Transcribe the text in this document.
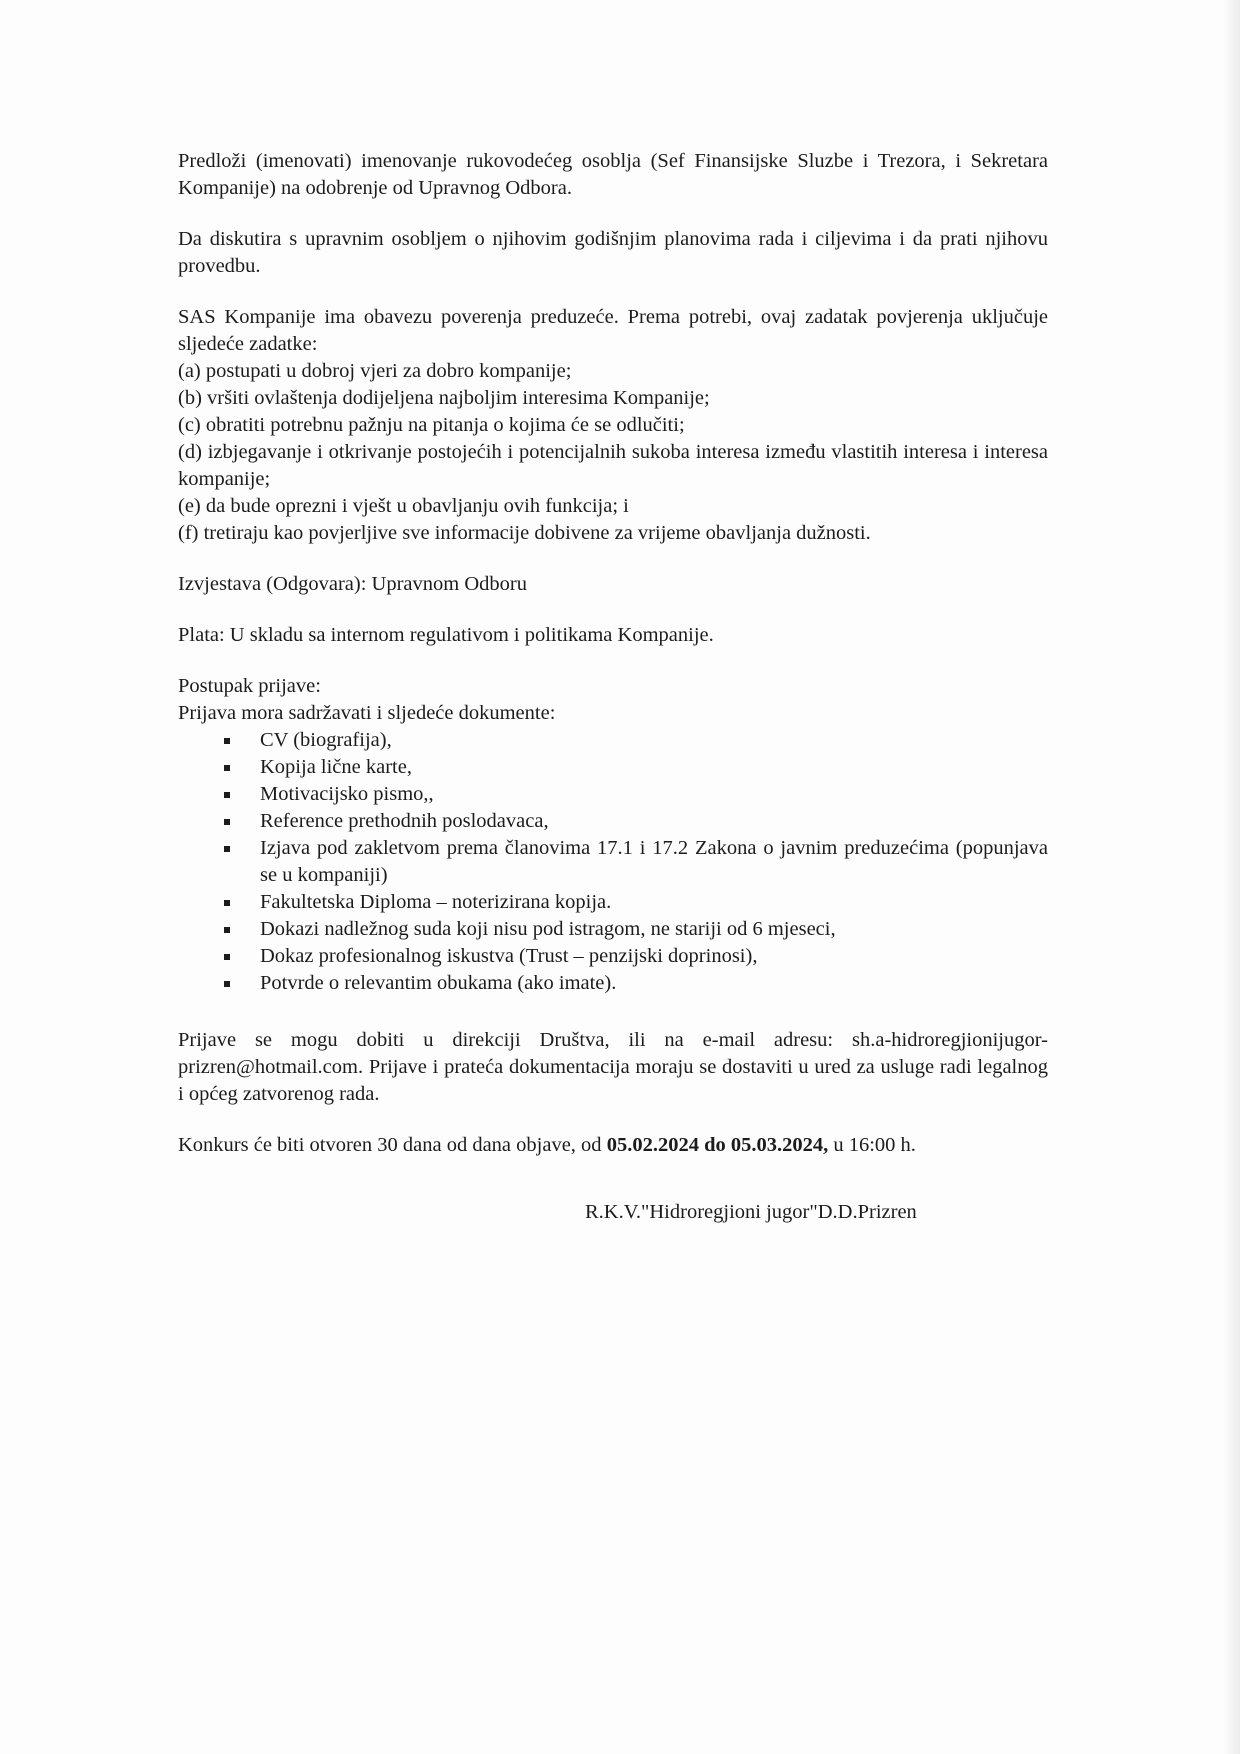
Predloži (imenovati) imenovanje rukovodećeg osoblja (Sef Finansijske Sluzbe i Trezora, i Sekretara Kompanije) na odobrenje od Upravnog Odbora.

Da diskutira s upravnim osobljem o njihovim godišnjim planovima rada i ciljevima i da prati njihovu provedbu.

SAS Kompanije ima obavezu poverenja preduzeće. Prema potrebi, ovaj zadatak povjerenja uključuje sljedeće zadatke:

(a) postupati u dobroj vjeri za dobro kompanije;
(b) vršiti ovlaštenja dodijeljena najboljim interesima Kompanije;
(c) obratiti potrebnu pažnju na pitanja o kojima će se odlučiti;
(d) izbjegavanje i otkrivanje postojećih i potencijalnih sukoba interesa između vlastitih interesa i interesa kompanije;
(e) da bude oprezni i vješt u obavljanju ovih funkcija; i
(f) tretiraju kao povjerljive sve informacije dobivene za vrijeme obavljanja dužnosti.

Izvjestava (Odgovara): Upravnom Odboru

Plata: U skladu sa internom regulativom i politikama Kompanije.

Postupak prijave:

Prijava mora sadržavati i sljedeće dokumente:

CV (biografija),
Kopija lične karte,
Motivacijsko pismo,,
Reference prethodnih poslodavaca,
Izjava pod zakletvom prema članovima 17.1 i 17.2 Zakona o javnim preduzećima (popunjava se u kompaniji)
Fakultetska Diploma – noterizirana kopija.
Dokazi nadležnog suda koji nisu pod istragom, ne stariji od 6 mjeseci,
Dokaz profesionalnog iskustva (Trust – penzijski doprinosi),
Potvrde o relevantim obukama (ako imate).

Prijave se mogu dobiti u direkciji Društva, ili na e-mail adresu: sh.a-hidroregjionijugor-prizren@hotmail.com. Prijave i prateća dokumentacija moraju se dostaviti u ured za usluge radi legalnog i općeg zatvorenog rada.

Konkurs će biti otvoren 30 dana od dana objave, od 05.02.2024 do 05.03.2024, u 16:00 h.

R.K.V."Hidroregjioni jugor"D.D.Prizren
